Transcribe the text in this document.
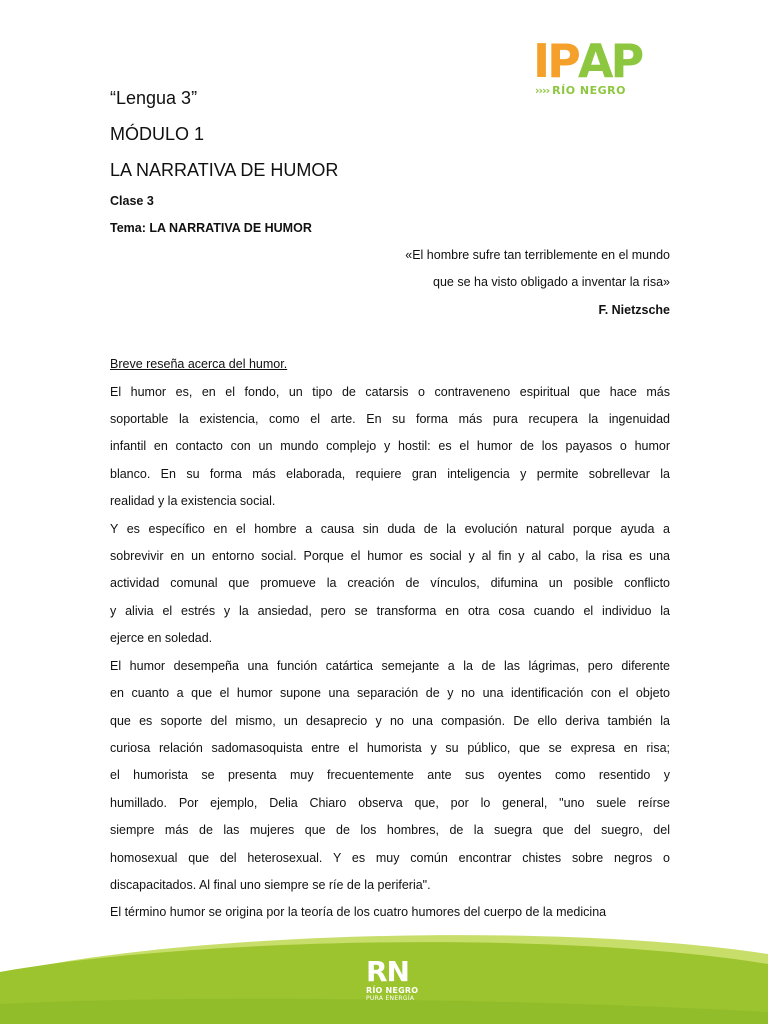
I P A P
›››› RÍO NEGRO

“Lengua 3”

MÓDULO 1

LA NARRATIVA DE HUMOR

Clase 3

Tema: LA NARRATIVA DE HUMOR

«El hombre sufre tan terriblemente en el mundo
que se ha visto obligado a inventar la risa»
F. Nietzsche

Breve reseña acerca del humor.

El humor es, en el fondo, un tipo de catarsis o contraveneno espiritual que hace más
soportable la existencia, como el arte. En su forma más pura recupera la ingenuidad
infantil en contacto con un mundo complejo y hostil: es el humor de los payasos o humor
blanco. En su forma más elaborada, requiere gran inteligencia y permite sobrellevar la
realidad y la existencia social.
Y es específico en el hombre a causa sin duda de la evolución natural porque ayuda a
sobrevivir en un entorno social. Porque el humor es social y al fin y al cabo, la risa es una
actividad comunal que promueve la creación de vínculos, difumina un posible conflicto
y alivia el estrés y la ansiedad, pero se transforma en otra cosa cuando el individuo la
ejerce en soledad.
El humor desempeña una función catártica semejante a la de las lágrimas, pero diferente
en cuanto a que el humor supone una separación de y no una identificación con el objeto
que es soporte del mismo, un desaprecio y no una compasión. De ello deriva también la
curiosa relación sadomasoquista entre el humorista y su público, que se expresa en risa;
el humorista se presenta muy frecuentemente ante sus oyentes como resentido y
humillado. Por ejemplo, Delia Chiaro observa que, por lo general, "uno suele reírse
siempre más de las mujeres que de los hombres, de la suegra que del suegro, del
homosexual que del heterosexual. Y es muy común encontrar chistes sobre negros o
discapacitados. Al final uno siempre se ríe de la periferia".
El término humor se origina por la teoría de los cuatro humores del cuerpo de la medicina
RN
RÍO NEGRO
PURA ENERGÍA
